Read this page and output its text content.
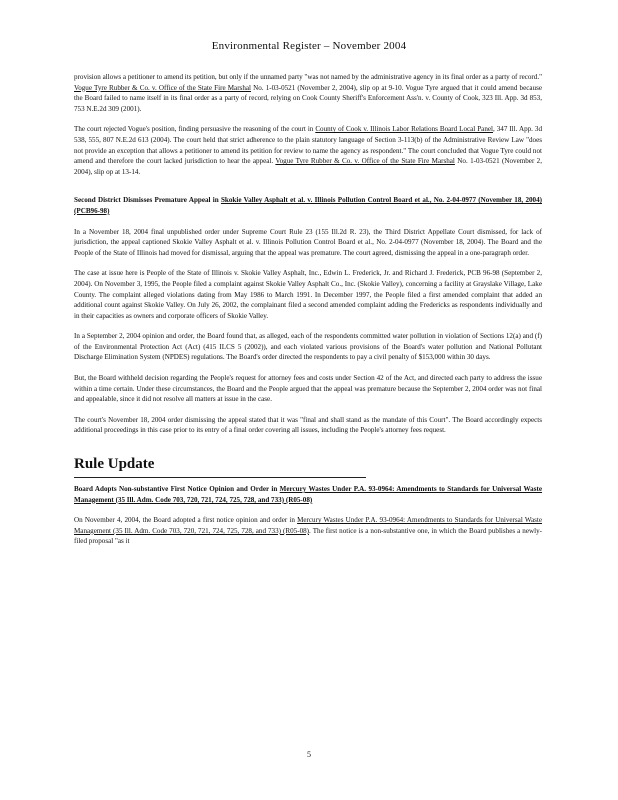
Environmental Register – November 2004

provision allows a petitioner to amend its petition, but only if the unnamed party "was not named by the administrative agency in its final order as a party of record." Vogue Tyre Rubber & Co. v. Office of the State Fire Marshal No. 1-03-0521 (November 2, 2004), slip op at 9-10. Vogue Tyre argued that it could amend because the Board failed to name itself in its final order as a party of record, relying on Cook County Sheriff's Enforcement Ass'n. v. County of Cook, 323 Ill. App. 3d 853, 753 N.E.2d 309 (2001).

The court rejected Vogue's position, finding persuasive the reasoning of the court in County of Cook v. Illinois Labor Relations Board Local Panel, 347 Ill. App. 3d 538, 555, 807 N.E.2d 613 (2004). The court held that strict adherence to the plain statutory language of Section 3-113(b) of the Administrative Review Law "does not provide an exception that allows a petitioner to amend its petition for review to name the agency as respondent." The court concluded that Vogue Tyre could not amend and therefore the court lacked jurisdiction to hear the appeal. Vogue Tyre Rubber & Co. v. Office of the State Fire Marshal No. 1-03-0521 (November 2, 2004), slip op at 13-14.

Second District Dismisses Premature Appeal in Skokie Valley Asphalt et al. v. Illinois Pollution Control Board et al., No. 2-04-0977 (November 18, 2004) (PCB96-98)

In a November 18, 2004 final unpublished order under Supreme Court Rule 23 (155 Ill.2d R. 23), the Third District Appellate Court dismissed, for lack of jurisdiction, the appeal captioned Skokie Valley Asphalt et al. v. Illinois Pollution Control Board et al., No. 2-04-0977 (November 18, 2004). The Board and the People of the State of Illinois had moved for dismissal, arguing that the appeal was premature. The court agreed, dismissing the appeal in a one-paragraph order.

The case at issue here is People of the State of Illinois v. Skokie Valley Asphalt, Inc., Edwin L. Frederick, Jr. and Richard J. Frederick, PCB 96-98 (September 2, 2004). On November 3, 1995, the People filed a complaint against Skokie Valley Asphalt Co., Inc. (Skokie Valley), concerning a facility at Grayslake Village, Lake County. The complaint alleged violations dating from May 1986 to March 1991. In December 1997, the People filed a first amended complaint that added an additional count against Skokie Valley. On July 26, 2002, the complainant filed a second amended complaint adding the Fredericks as respondents individually and in their capacities as owners and corporate officers of Skokie Valley.

In a September 2, 2004 opinion and order, the Board found that, as alleged, each of the respondents committed water pollution in violation of Sections 12(a) and (f) of the Environmental Protection Act (Act) (415 ILCS 5 (2002)), and each violated various provisions of the Board's water pollution and National Pollutant Discharge Elimination System (NPDES) regulations. The Board's order directed the respondents to pay a civil penalty of $153,000 within 30 days.

But, the Board withheld decision regarding the People's request for attorney fees and costs under Section 42 of the Act, and directed each party to address the issue within a time certain. Under these circumstances, the Board and the People argued that the appeal was premature because the September 2, 2004 order was not final and appealable, since it did not resolve all matters at issue in the case.

The court's November 18, 2004 order dismissing the appeal stated that it was "final and shall stand as the mandate of this Court". The Board accordingly expects additional proceedings in this case prior to its entry of a final order covering all issues, including the People's attorney fees request.

Rule Update
Board Adopts Non-substantive First Notice Opinion and Order in Mercury Wastes Under P.A. 93-0964: Amendments to Standards for Universal Waste Management (35 Ill. Adm. Code 703, 720, 721, 724, 725, 728, and 733) (R05-08)

On November 4, 2004, the Board adopted a first notice opinion and order in Mercury Wastes Under P.A. 93-0964: Amendments to Standards for Universal Waste Management (35 Ill. Adm. Code 703, 720, 721, 724, 725, 728, and 733) (R05-08). The first notice is a non-substantive one, in which the Board publishes a newly-filed proposal "as it

5
